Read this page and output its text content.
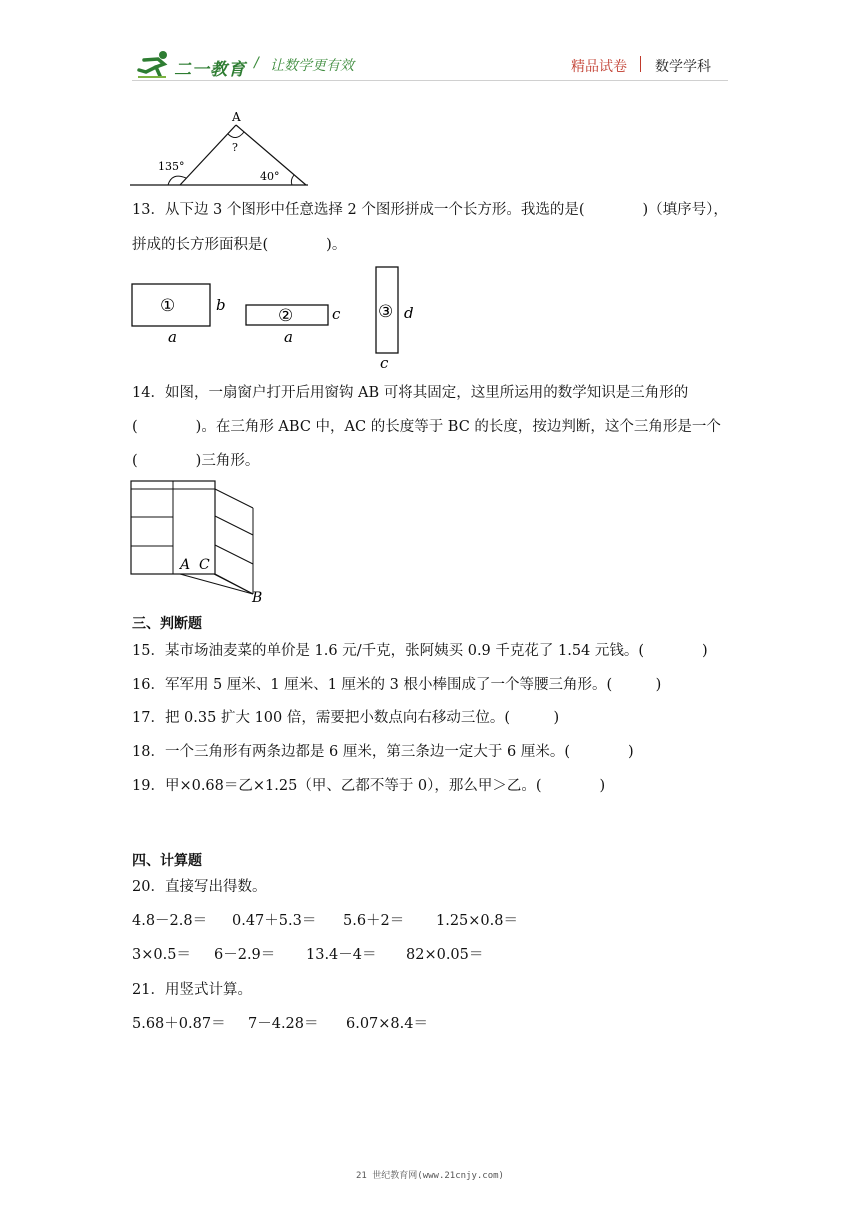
二一教育 / 让数学更有效	精品试卷 数学学科
A
?
135°
40°
13．从下边 3 个图形中任意选择 2 个图形拼成一个长方形。我选的是(　　　　)（填序号），
拼成的长方形面积是(　　　　)。
①	b
a
②	c
a
③ d
c
14．如图，一扇窗户打开后用窗钩 AB 可将其固定，这里所运用的数学知识是三角形的
(　　　　)。在三角形 ABC 中，AC 的长度等于 BC 的长度，按边判断，这个三角形是一个
(　　　　)三角形。
A C
B
三、判断题
15．某市场油麦菜的单价是 1.6 元/千克，张阿姨买 0.9 千克花了 1.54 元钱。(　　　　)
16．军军用 5 厘米、1 厘米、1 厘米的 3 根小棒围成了一个等腰三角形。(　　　)
17．把 0.35 扩大 100 倍，需要把小数点向右移动三位。(　　　)
18．一个三角形有两条边都是 6 厘米，第三条边一定大于 6 厘米。(　　　　)
19．甲×0.68＝乙×1.25（甲、乙都不等于 0），那么甲＞乙。(　　　　)
四、计算题
20．直接写出得数。
4.8－2.8＝ 0.47＋5.3＝ 5.6＋2＝ 1.25×0.8＝
3×0.5＝ 6－2.9＝ 13.4－4＝ 82×0.05＝
21．用竖式计算。
5.68＋0.87＝ 7－4.28＝ 6.07×8.4＝
21 世纪教育网(www.21cnjy.com)
